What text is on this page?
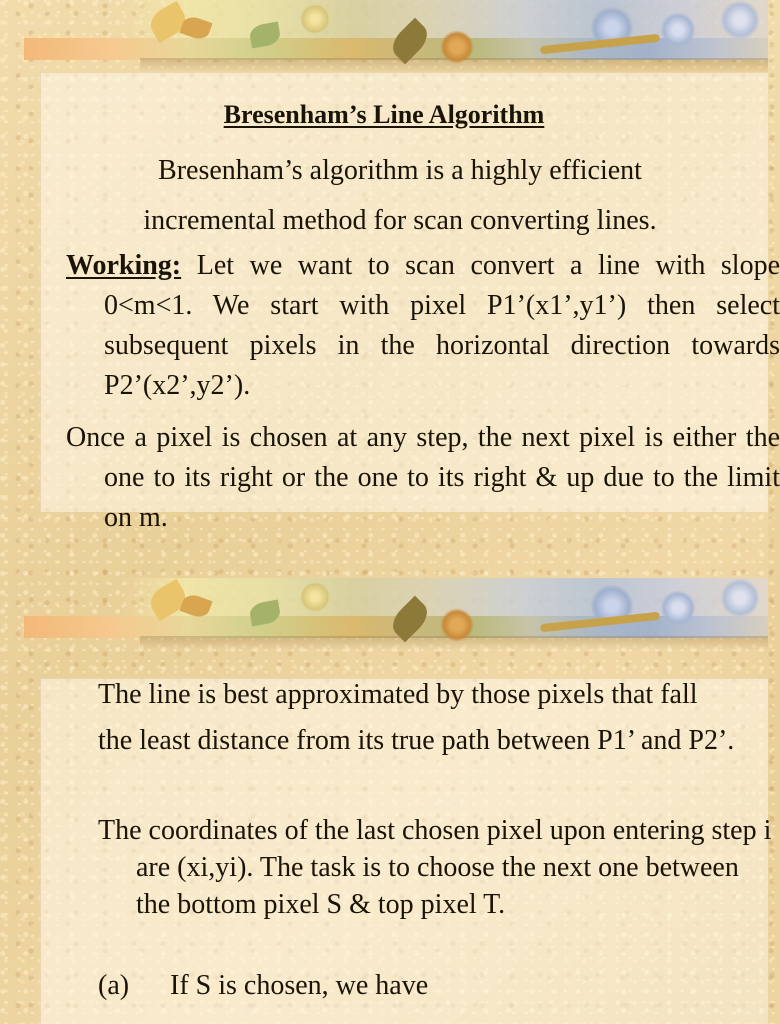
Bresenham’s Line Algorithm

Bresenham’s algorithm is a highly efficient incremental method for scan converting lines.

Working: Let we want to scan convert a line with slope 0<m<1. We start with pixel P1’(x1’,y1’) then select subsequent pixels in the horizontal direction towards P2’(x2’,y2’).

Once a pixel is chosen at any step, the next pixel is either the one to its right or the one to its right & up due to the limit on m.

The line is best approximated by those pixels that fall the least distance from its true path between P1’ and P2’.

The coordinates of the last chosen pixel upon entering step i are (xi,yi). The task is to choose the next one between the bottom pixel S & top pixel T.

(a) If S is chosen, we have
